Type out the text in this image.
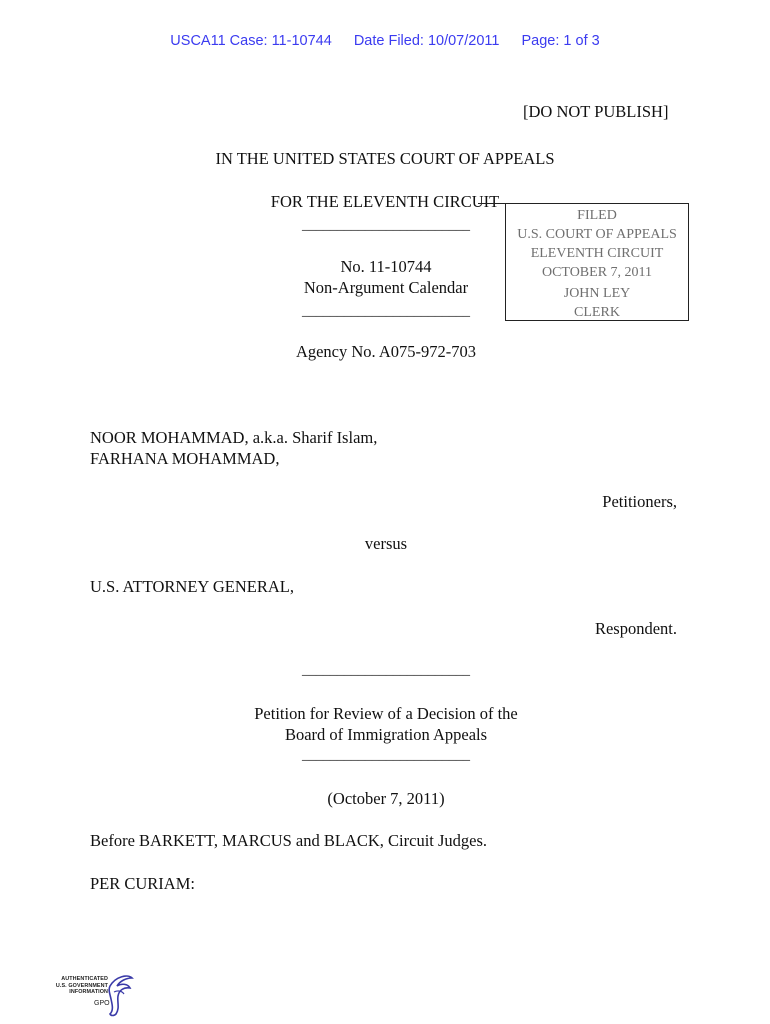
USCA11 Case: 11-10744 Date Filed: 10/07/2011 Page: 1 of 3
[DO NOT PUBLISH]
IN THE UNITED STATES COURT OF APPEALS
FOR THE ELEVENTH CIRCUIT
________________________
No. 11-10744
Non-Argument Calendar
________________________
FILED
U.S. COURT OF APPEALS
ELEVENTH CIRCUIT
OCTOBER 7, 2011
JOHN LEY
CLERK
Agency No. A075-972-703
NOOR MOHAMMAD, a.k.a. Sharif Islam,
FARHANA MOHAMMAD,
Petitioners,
versus
U.S. ATTORNEY GENERAL,
Respondent.
________________________
Petition for Review of a Decision of the
Board of Immigration Appeals
________________________
(October 7, 2011)
Before BARKETT, MARCUS and BLACK, Circuit Judges.
PER CURIAM:
AUTHENTICATED
U.S. GOVERNMENT
INFORMATION
GPO
